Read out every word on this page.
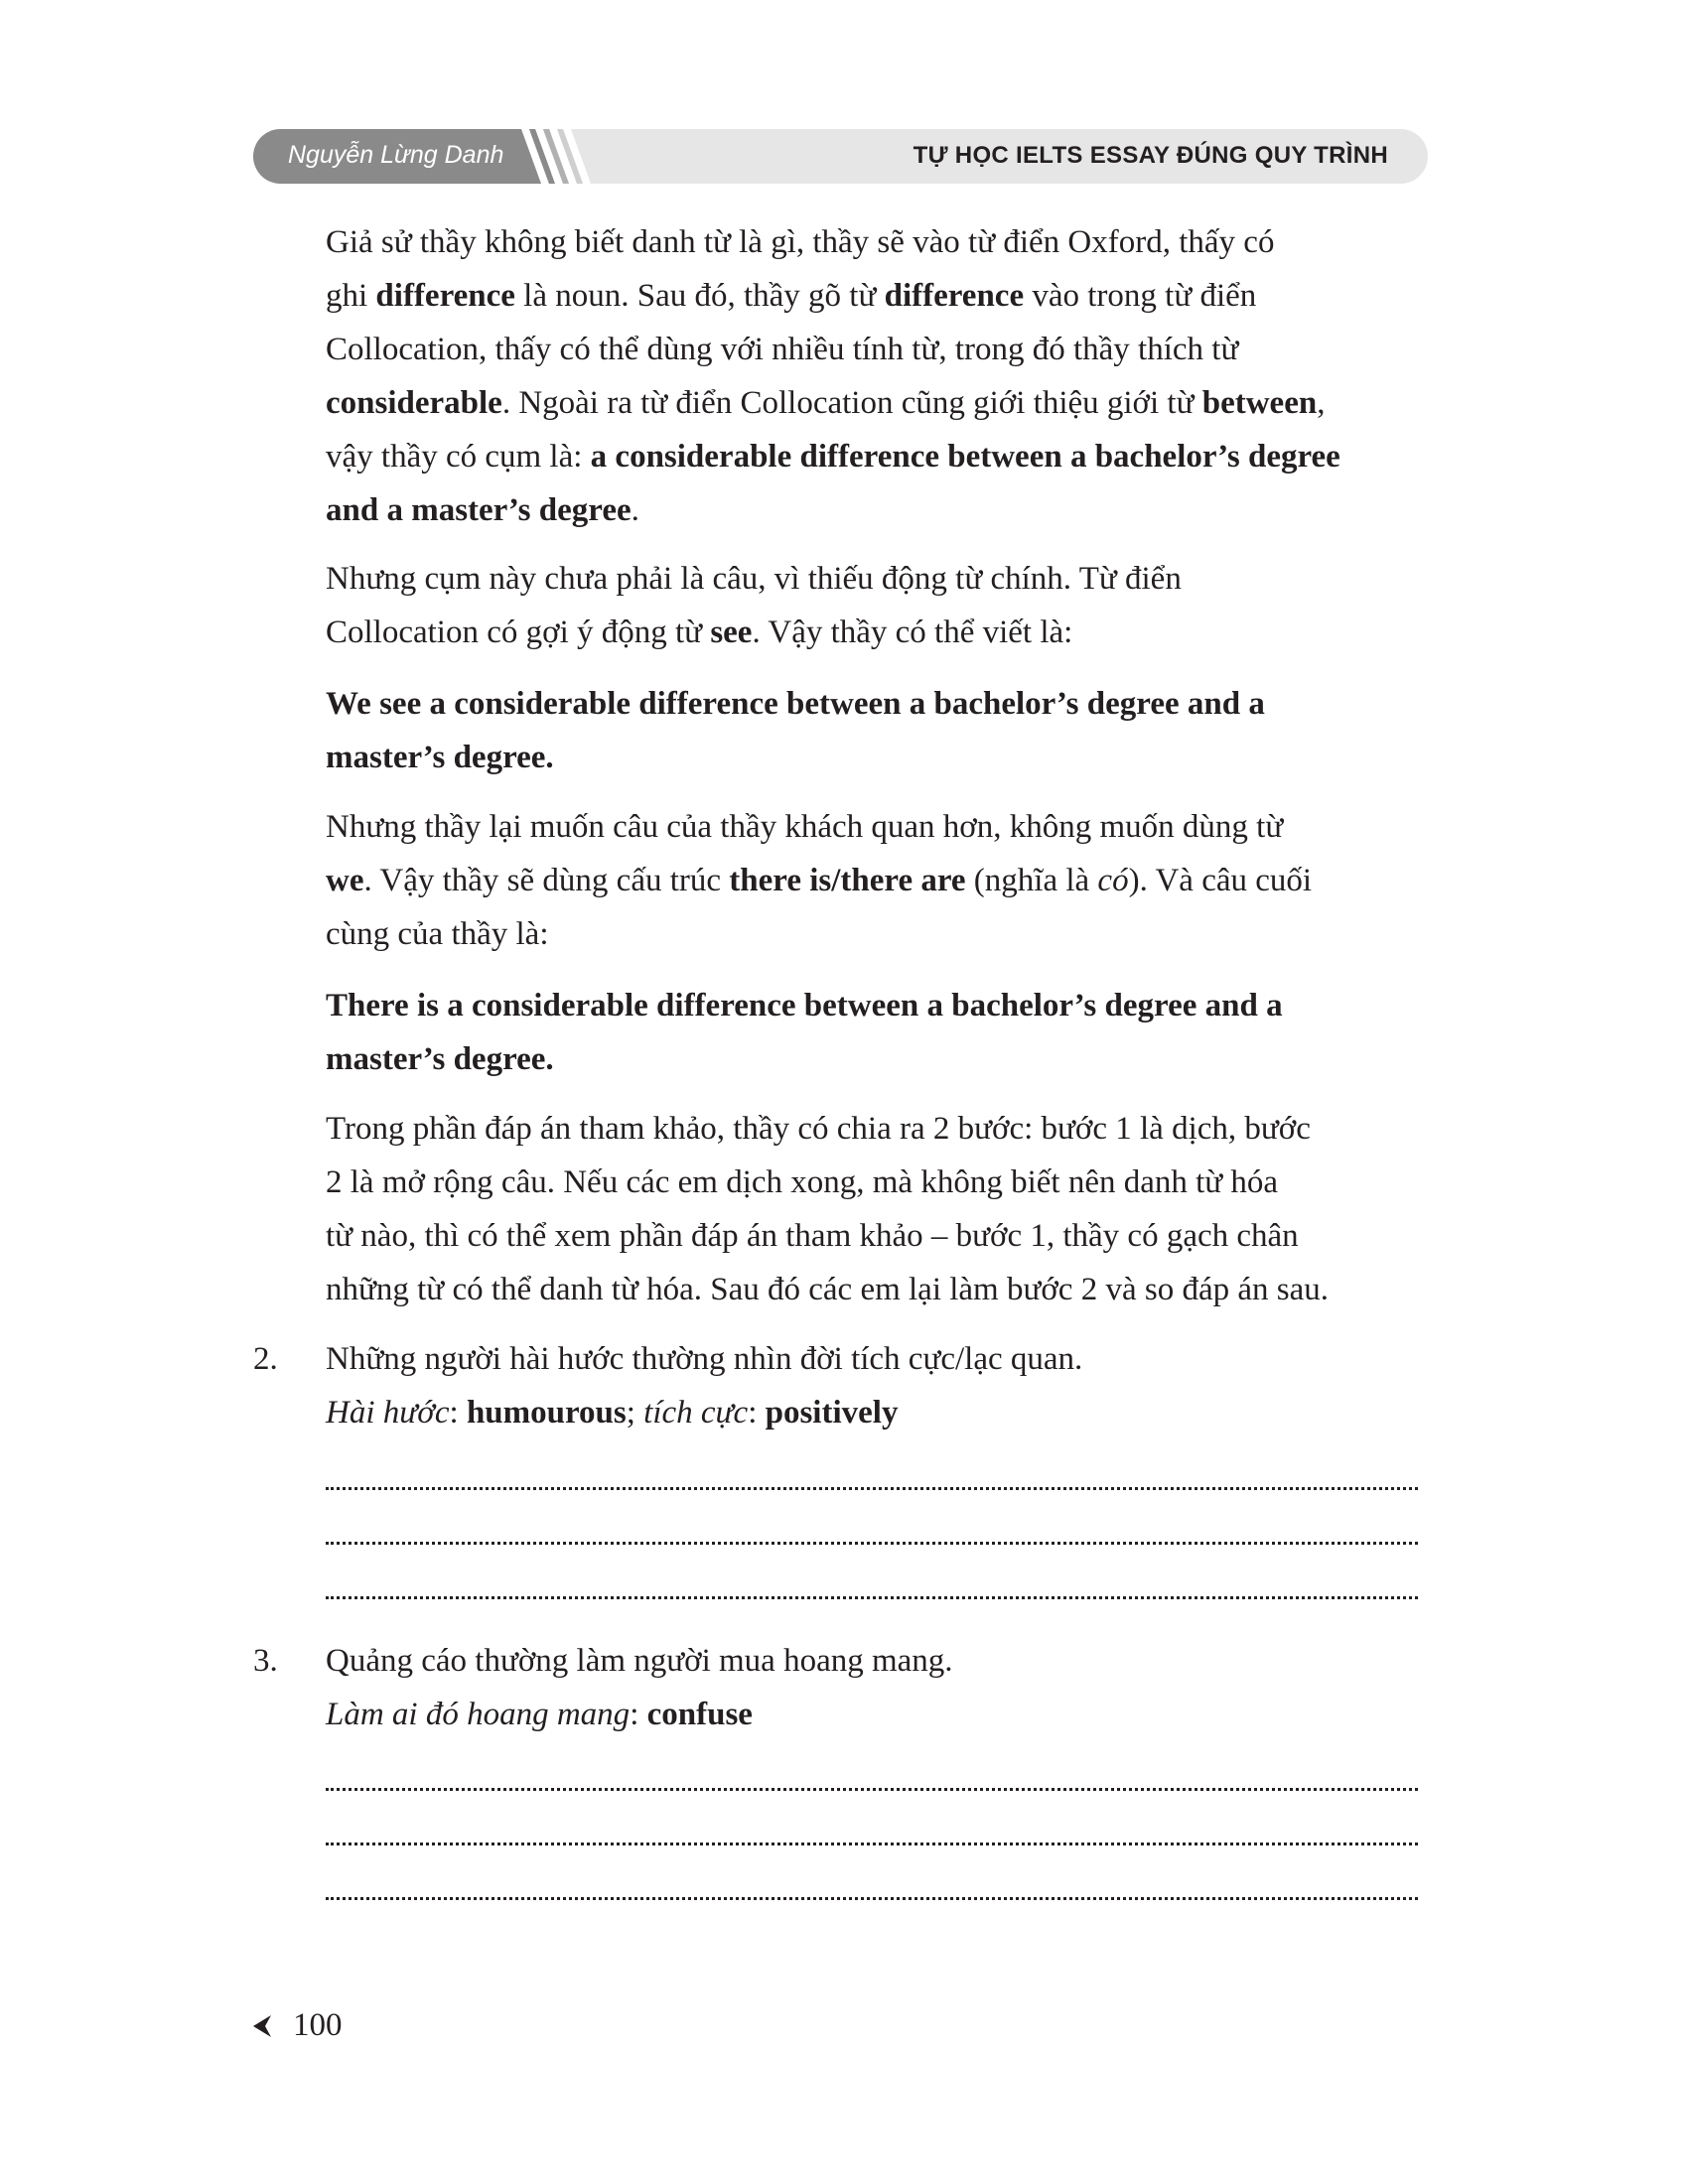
Nguyễn Lừng Danh	TỰ HỌC IELTS ESSAY ĐÚNG QUY TRÌNH
Giả sử thầy không biết danh từ là gì, thầy sẽ vào từ điển Oxford, thấy có
ghi difference là noun. Sau đó, thầy gõ từ difference vào trong từ điển
Collocation, thấy có thể dùng với nhiều tính từ, trong đó thầy thích từ
considerable. Ngoài ra từ điển Collocation cũng giới thiệu giới từ between,
vậy thầy có cụm là: a considerable difference between a bachelor’s degree
and a master’s degree.
Nhưng cụm này chưa phải là câu, vì thiếu động từ chính. Từ điển
Collocation có gợi ý động từ see. Vậy thầy có thể viết là:
We see a considerable difference between a bachelor’s degree and a
master’s degree.
Nhưng thầy lại muốn câu của thầy khách quan hơn, không muốn dùng từ
we. Vậy thầy sẽ dùng cấu trúc there is/there are (nghĩa là có). Và câu cuối
cùng của thầy là:
There is a considerable difference between a bachelor’s degree and a
master’s degree.
Trong phần đáp án tham khảo, thầy có chia ra 2 bước: bước 1 là dịch, bước
2 là mở rộng câu. Nếu các em dịch xong, mà không biết nên danh từ hóa
từ nào, thì có thể xem phần đáp án tham khảo – bước 1, thầy có gạch chân
những từ có thể danh từ hóa. Sau đó các em lại làm bước 2 và so đáp án sau.
2. Những người hài hước thường nhìn đời tích cực/lạc quan.
Hài hước: humourous; tích cực: positively
3. Quảng cáo thường làm người mua hoang mang.
Làm ai đó hoang mang: confuse
100
